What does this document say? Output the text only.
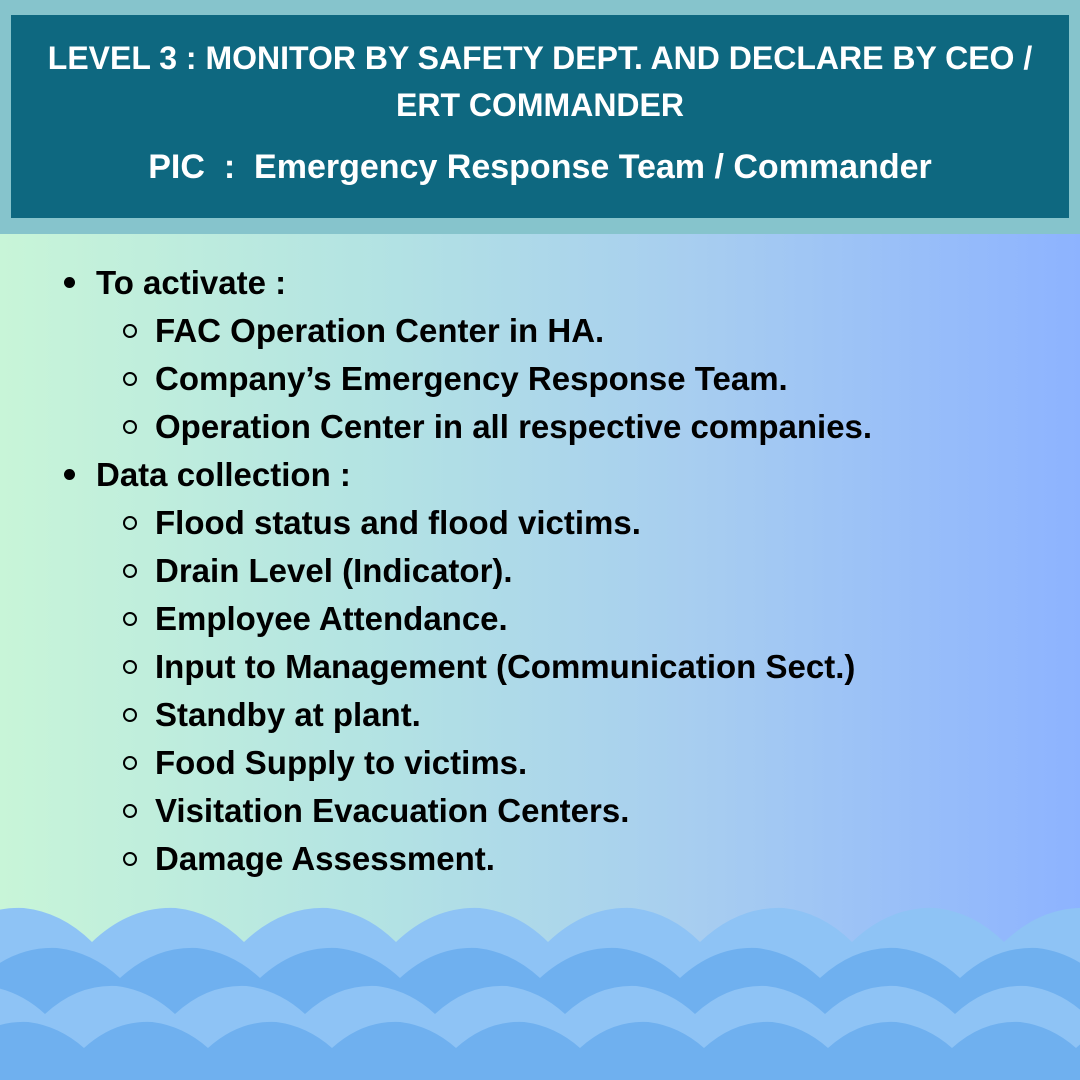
LEVEL 3 : MONITOR BY SAFETY DEPT. AND DECLARE BY CEO / ERT COMMANDER
PIC  :  Emergency Response Team / Commander
To activate :
FAC Operation Center in HA.
Company’s Emergency Response Team.
Operation Center in all respective companies.
Data collection :
Flood status and flood victims.
Drain Level (Indicator).
Employee Attendance.
Input to Management (Communication Sect.)
Standby at plant.
Food Supply to victims.
Visitation Evacuation Centers.
Damage Assessment.
